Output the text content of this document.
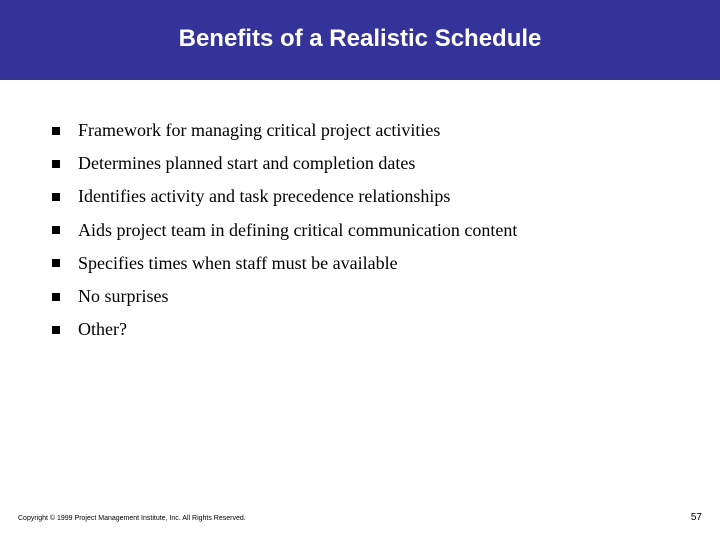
Benefits of a Realistic Schedule
Framework for managing critical project activities
Determines planned start and completion dates
Identifies activity and task precedence relationships
Aids project team in defining critical communication content
Specifies times when staff must be available
No surprises
Other?
Copyright © 1999 Project Management Institute, Inc. All Rights Reserved.	57
